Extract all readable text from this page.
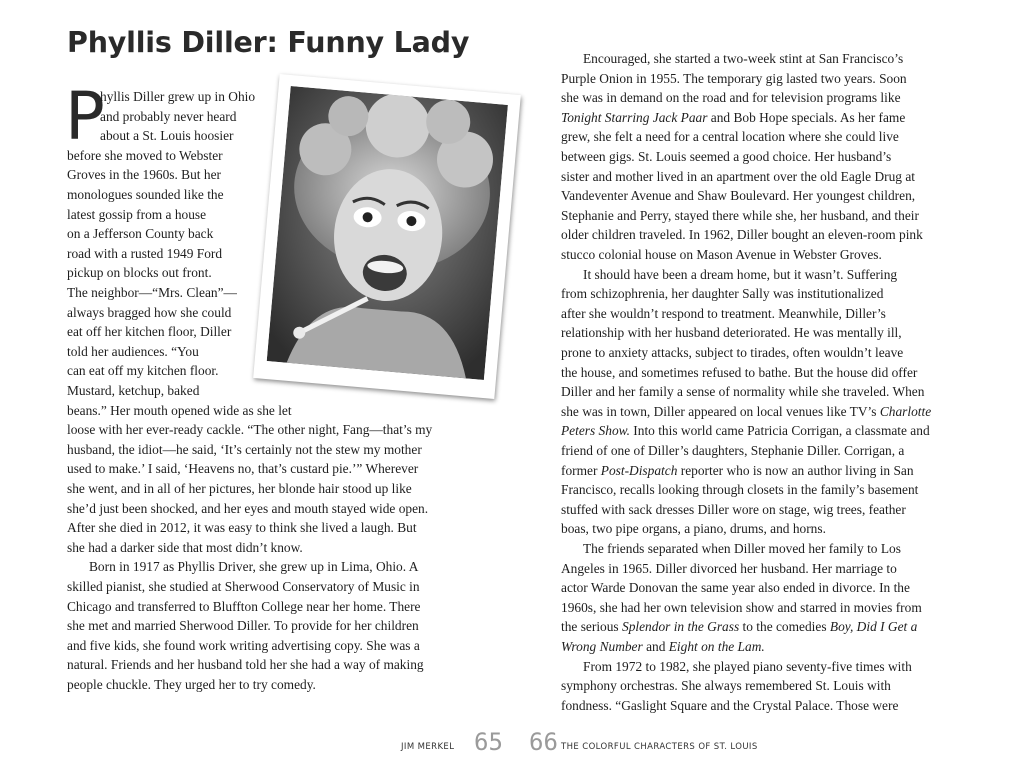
Phyllis Diller: Funny Lady
P
hyllis Diller grew up in Ohio
and probably never heard
about a St. Louis hoosier
before she moved to Webster
Groves in the 1960s. But her
monologues sounded like the
latest gossip from a house
on a Jefferson County back
road with a rusted 1949 Ford
pickup on blocks out front.
The neighbor—“Mrs. Clean”—
always bragged how she could
eat off her kitchen floor, Diller
told her audiences. “You
can eat off my kitchen floor.
Mustard, ketchup, baked
beans.” Her mouth opened wide as she let
loose with her ever-ready cackle. “The other night, Fang—that’s my
husband, the idiot—he said, ‘It’s certainly not the stew my mother
used to make.’ I said, ‘Heavens no, that’s custard pie.’” Wherever
she went, and in all of her pictures, her blonde hair stood up like
she’d just been shocked, and her eyes and mouth stayed wide open.
After she died in 2012, it was easy to think she lived a laugh. But
she had a darker side that most didn’t know.
Born in 1917 as Phyllis Driver, she grew up in Lima, Ohio. A
skilled pianist, she studied at Sherwood Conservatory of Music in
Chicago and transferred to Bluffton College near her home. There
she met and married Sherwood Diller. To provide for her children
and five kids, she found work writing advertising copy. She was a
natural. Friends and her husband told her she had a way of making
people chuckle. They urged her to try comedy.
Encouraged, she started a two-week stint at San Francisco’s
Purple Onion in 1955. The temporary gig lasted two years. Soon
she was in demand on the road and for television programs like
Tonight Starring Jack Paar and Bob Hope specials. As her fame
grew, she felt a need for a central location where she could live
between gigs. St. Louis seemed a good choice. Her husband’s
sister and mother lived in an apartment over the old Eagle Drug at
Vandeventer Avenue and Shaw Boulevard. Her youngest children,
Stephanie and Perry, stayed there while she, her husband, and their
older children traveled. In 1962, Diller bought an eleven-room pink
stucco colonial house on Mason Avenue in Webster Groves.
It should have been a dream home, but it wasn’t. Suffering
from schizophrenia, her daughter Sally was institutionalized
after she wouldn’t respond to treatment. Meanwhile, Diller’s
relationship with her husband deteriorated. He was mentally ill,
prone to anxiety attacks, subject to tirades, often wouldn’t leave
the house, and sometimes refused to bathe. But the house did offer
Diller and her family a sense of normality while she traveled. When
she was in town, Diller appeared on local venues like TV’s Charlotte
Peters Show. Into this world came Patricia Corrigan, a classmate and
friend of one of Diller’s daughters, Stephanie Diller. Corrigan, a
former Post-Dispatch reporter who is now an author living in San
Francisco, recalls looking through closets in the family’s basement
stuffed with sack dresses Diller wore on stage, wig trees, feather
boas, two pipe organs, a piano, drums, and horns.
The friends separated when Diller moved her family to Los
Angeles in 1965. Diller divorced her husband. Her marriage to
actor Warde Donovan the same year also ended in divorce. In the
1960s, she had her own television show and starred in movies from
the serious Splendor in the Grass to the comedies Boy, Did I Get a
Wrong Number and Eight on the Lam.
From 1972 to 1982, she played piano seventy-five times with
symphony orchestras. She always remembered St. Louis with
fondness. “Gaslight Square and the Crystal Palace. Those were
JIM MERKEL 65 66 THE COLORFUL CHARACTERS OF ST. LOUIS
